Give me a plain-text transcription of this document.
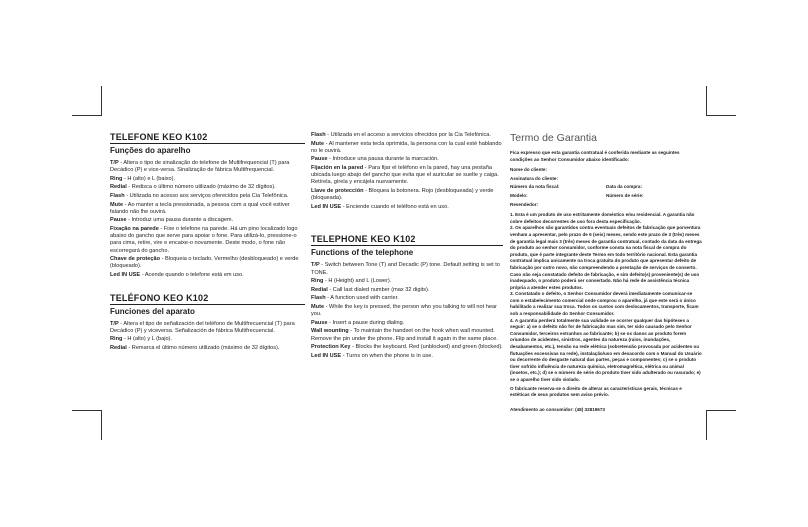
TELEFONE KEO K102
Funções do aparelho
T/P - Altera o tipo de sinalização do telefone de Multifrequencial (T) para Decádico (P) e vice-versa. Sinalização de fábrica Multifrequencial.
Ring - H (alto) e L (baixo).
Redial - Rediscа o último número utilizado (máximo de 32 dígitos).
Flash - Utilizada no acesso aos serviços oferecidos pela Cia Telefônica.
Mute - Ao manter a tecla pressionada, a pessoa com a qual você estiver falando não lhe ouvirá.
Pause - Introduz uma pausa durante a discagem.
Fixação na parede - Fixe o telefone na parede. Há um pino localizado logo abaixo do gancho que serve para apoiar o fone. Para utilizá-lo, pressione-o para cima, retire, vire e encaixe-o novamente. Deste modo, o fone não escorregará do gancho.
Chave de proteção - Bloqueia o teclado. Vermelho (desbloqueado) e verde (bloqueado).
Led IN USE - Acende quando o telefone está em uso.
TELÉFONO KEO K102
Funciones del aparato
T/P - Altera el tipo de señalización del teléfono de Multifrecuencial (T) para Decádico (P) y viceversa. Señalización de fábrica Multifrecuencial.
Ring - H (alto) y L (bajo).
Redial - Remarca el último número utilizado (máximo de 32 dígitos).
Flash - Utilizada en el acceso a servicios ofrecidos por la Cia Telefónica.
Mute - Al mantener esta tecla oprimida, la persona con la cual esté hablando no le ouvirá.
Pause - Introduce una pausa durante la marcación.
Fijación en la pared - Para fijar el teléfono en la pared, hay una pestaña ubicada luego abajo del gancho que evita que el auricular se suelte y caiga. Retírela, gírela y encájela nuevamente.
Llave de protección - Bloquea la botonera. Rojo (desbloqueada) y verde (bloqueada).
Led IN USE - Enciende cuando el teléfono está en uso.
TELEPHONE KEO K102
Functions of the telephone
T/P - Switch between Tone (T) and Decadic (P) tone. Default setting is set to TONE.
Ring - H (Height) and L (Lower).
Redial - Call last dialed number (max 32 digits).
Flash - A function used with carrier.
Mute - While the key is pressed, the person who you talking to will not hear you.
Pause - Insert a pause during dialing.
Wall wounting - To maintain the handset on the hook when wall mounted. Remove the pin under the phone. Flip and install it again in the same place.
Protection Key - Blocks the keyboard. Red (unblocked) and green (blocked).
Led IN USE - Turns on when the phone is in use.
Termo de Garantia
Fica expresso que esta garantia contratual é conferida mediante as seguintes condições ao Senhor Consumidor abaixo identificado:
Nome do cliente:
Assinatura do cliente:
Número da nota fiscal:	Data da compra:
Modelo:	Número de série:
Revendedor:
1. Esta é um produto de uso estritamente doméstico e/ou residencial. A garantia não cobre defeitos decorrentes de uso fora desta especificação.
2. Os aparelhos são garantidos contra eventuais defeitos de fabricação que porventura venham a apresentar, pelo prazo de 6 (seis) meses, sendo este prazo de 3 (três) meses de garantia legal mais 3 (três) meses de garantia contratual, contado da data da entrega do produto ao senhor consumidor, conforme consta na nota fiscal de compra do produto, que é parte integrante deste Termo em todo território nacional. Esta garantia contratual implica unicamente na troca gratuita do produto que apresentar defeito de fabricação por outro novo, não compreendendo a prestação de serviços de conserto. Caso não seja constatado defeito de fabricação, e sim defeito(s) proveniente(s) de uso inadequado, o produto poderá ser consertado. Não há rede de assistência técnica própria a atender estes produtos.
3. Constatado o defeito, o Senhor Consumidor deverá imediatamente comunicar-se com o estabelecimento comercial onde comprou o aparelho, já que este será o único habilitado a realizar sua troca. Todos os custos com deslocamentos, transporte, ficam sob a responsabilidade do Senhor Consumidor.
4. A garantia perderá totalmente sua validade se ocorrer qualquer das hipóteses a seguir: a) se o defeito não for de fabricação mas sim, ter sido causado pelo Senhor Consumidor, terceiros estranhos ao fabricante; b) se os danos ao produto forem oriundos de acidentes, sinistros, agentes da natureza (raios, inundações, desabamentos, etc.), tensão na rede elétrica (sobretensão provocada por acidentes ou flutuações excessivas na rede), instalação/uso em desacordo com o Manual do Usuário ou decorrente do desgaste natural das partes, peças e componentes; c) se o produto tiver sofrido influência de natureza química, eletromagnética, elétrica ou animal (insetos, etc.); d) se o número de série do produto tiver sido adulterado ou rasurado; e) se o aparelho tiver sido violado.
O fabricante reserva-se o direito de alterar as características gerais, técnicas e estéticas de seus produtos sem aviso prévio.
Atendimento ao consumidor: (48) 32819673
